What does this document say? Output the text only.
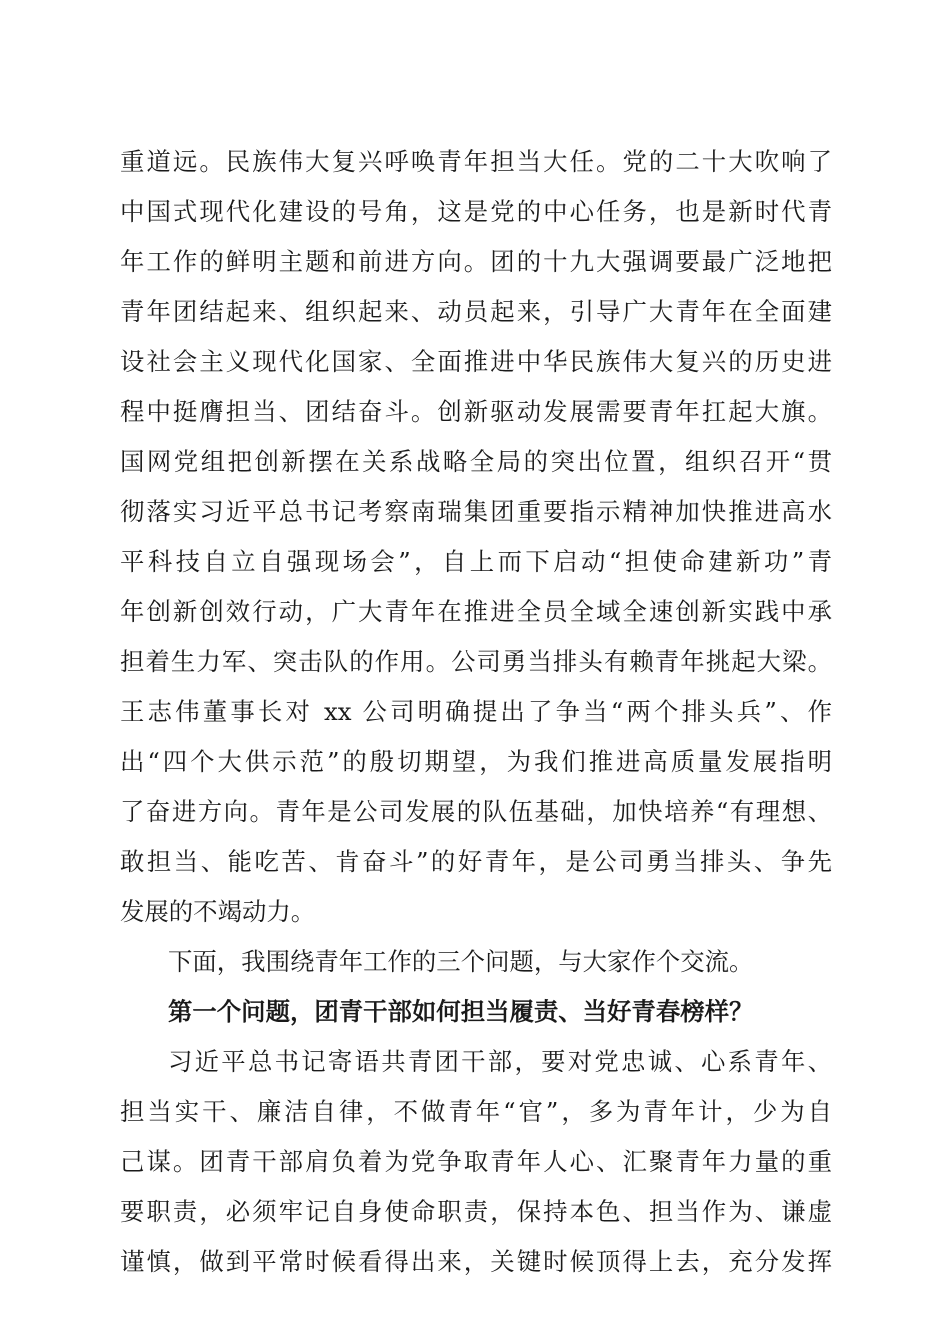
重道远。民族伟大复兴呼唤青年担当大任。党的二十大吹响了
中国式现代化建设的号角，这是党的中心任务，也是新时代青
年工作的鲜明主题和前进方向。团的十九大强调要最广泛地把
青年团结起来、组织起来、动员起来，引导广大青年在全面建
设社会主义现代化国家、全面推进中华民族伟大复兴的历史进
程中挺膺担当、团结奋斗。创新驱动发展需要青年扛起大旗。
国网党组把创新摆在关系战略全局的突出位置，组织召开“贯
彻落实习近平总书记考察南瑞集团重要指示精神加快推进高水
平科技自立自强现场会”，自上而下启动“担使命建新功”青
年创新创效行动，广大青年在推进全员全域全速创新实践中承
担着生力军、突击队的作用。公司勇当排头有赖青年挑起大梁。
王志伟董事长对 xx 公司明确提出了争当“两个排头兵”、作
出“四个大供示范”的殷切期望，为我们推进高质量发展指明
了奋进方向。青年是公司发展的队伍基础，加快培养“有理想、
敢担当、能吃苦、肯奋斗”的好青年，是公司勇当排头、争先
发展的不竭动力。
下面，我围绕青年工作的三个问题，与大家作个交流。
第一个问题，团青干部如何担当履责、当好青春榜样？
习近平总书记寄语共青团干部，要对党忠诚、心系青年、
担当实干、廉洁自律，不做青年“官”，多为青年计，少为自
己谋。团青干部肩负着为党争取青年人心、汇聚青年力量的重
要职责，必须牢记自身使命职责，保持本色、担当作为、谦虚
谨慎，做到平常时候看得出来，关键时候顶得上去，充分发挥
